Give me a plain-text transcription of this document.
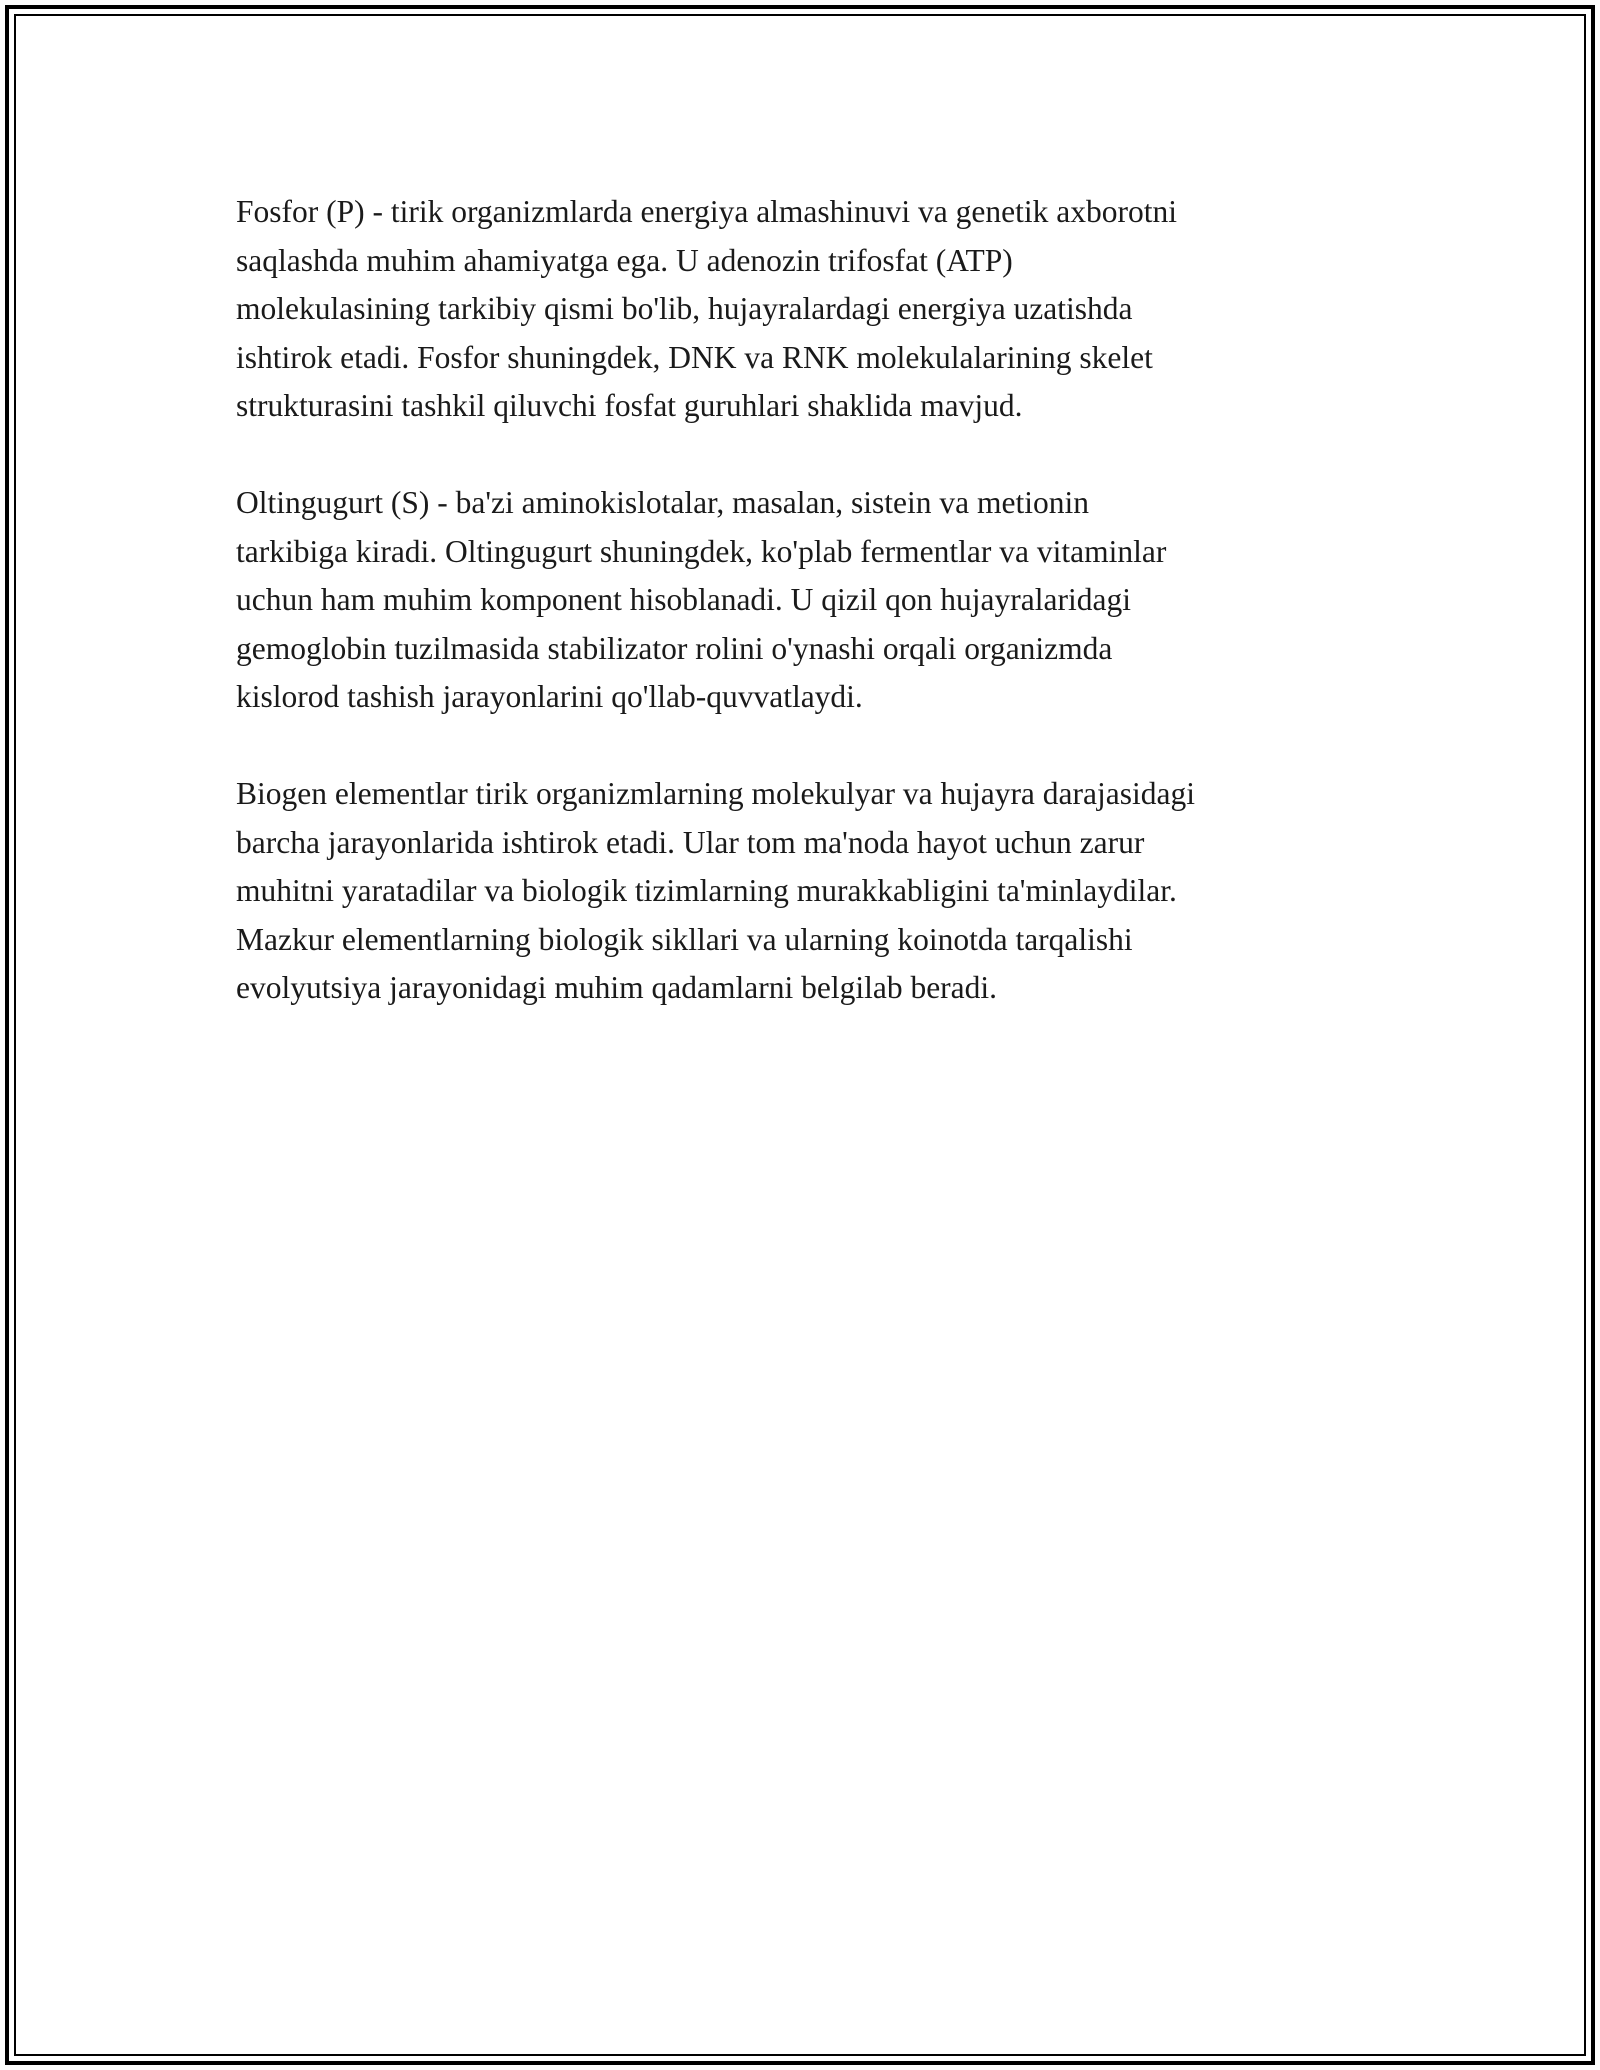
Fosfor (P) - tirik organizmlarda energiya almashinuvi va genetik axborotni
saqlashda muhim ahamiyatga ega. U adenozin trifosfat (ATP)
molekulasining tarkibiy qismi bo'lib, hujayralardagi energiya uzatishda
ishtirok etadi. Fosfor shuningdek, DNK va RNK molekulalarining skelet
strukturasini tashkil qiluvchi fosfat guruhlari shaklida mavjud.

Oltingugurt (S) - ba'zi aminokislotalar, masalan, sistein va metionin
tarkibiga kiradi. Oltingugurt shuningdek, ko'plab fermentlar va vitaminlar
uchun ham muhim komponent hisoblanadi. U qizil qon hujayralaridagi
gemoglobin tuzilmasida stabilizator rolini o'ynashi orqali organizmda
kislorod tashish jarayonlarini qo'llab-quvvatlaydi.

Biogen elementlar tirik organizmlarning molekulyar va hujayra darajasidagi
barcha jarayonlarida ishtirok etadi. Ular tom ma'noda hayot uchun zarur
muhitni yaratadilar va biologik tizimlarning murakkabligini ta'minlaydilar.
Mazkur elementlarning biologik sikllari va ularning koinotda tarqalishi
evolyutsiya jarayonidagi muhim qadamlarni belgilab beradi.
